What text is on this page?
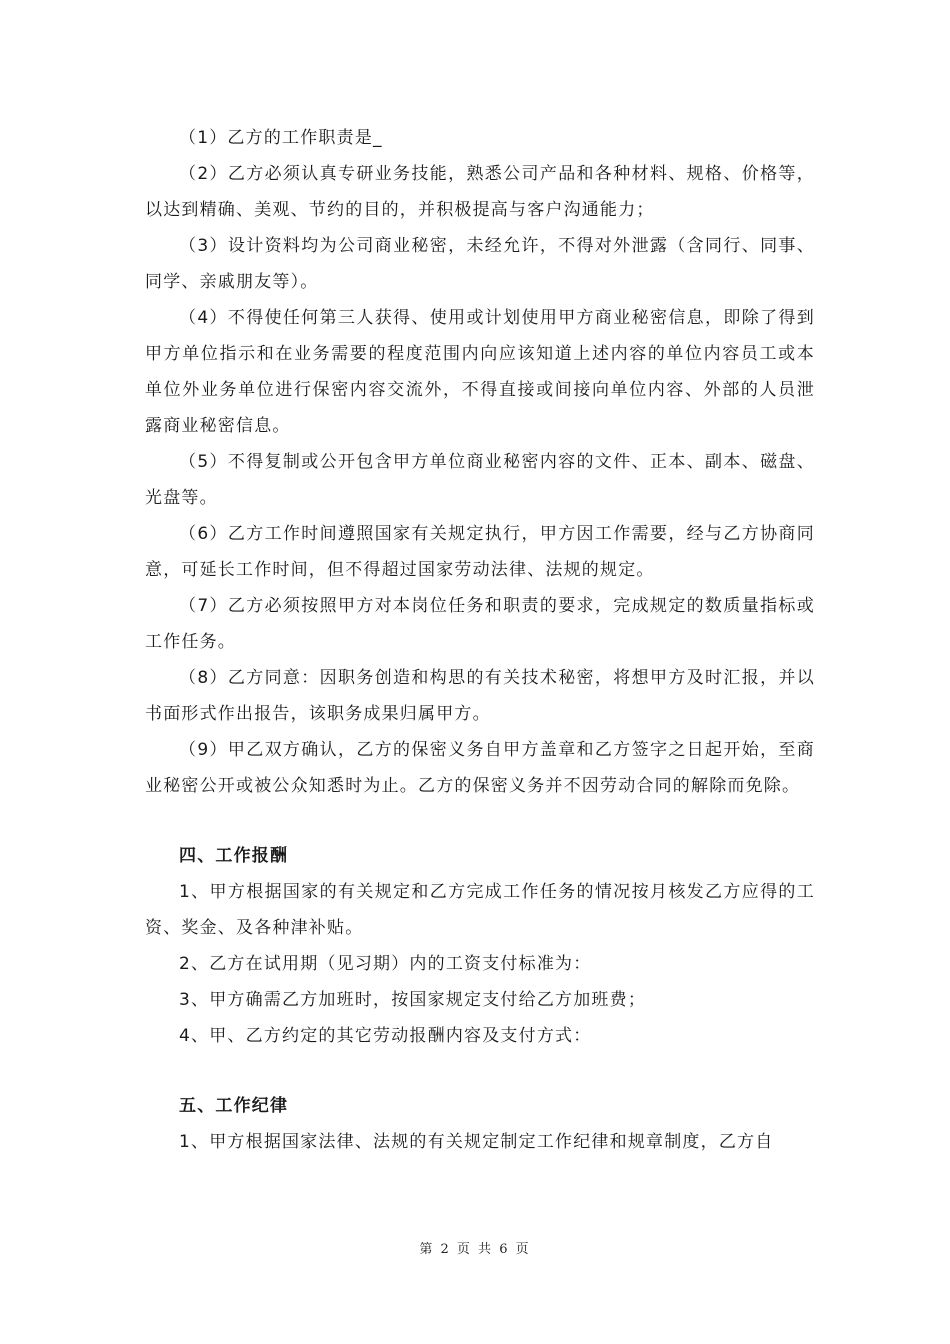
（1）乙方的工作职责是_

（2）乙方必须认真专研业务技能，熟悉公司产品和各种材料、规格、价格等，以达到精确、美观、节约的目的，并积极提高与客户沟通能力；

（3）设计资料均为公司商业秘密，未经允许，不得对外泄露（含同行、同事、同学、亲戚朋友等）。

（4）不得使任何第三人获得、使用或计划使用甲方商业秘密信息，即除了得到甲方单位指示和在业务需要的程度范围内向应该知道上述内容的单位内容员工或本单位外业务单位进行保密内容交流外，不得直接或间接向单位内容、外部的人员泄露商业秘密信息。

（5）不得复制或公开包含甲方单位商业秘密内容的文件、正本、副本、磁盘、光盘等。

（6）乙方工作时间遵照国家有关规定执行，甲方因工作需要，经与乙方协商同意，可延长工作时间，但不得超过国家劳动法律、法规的规定。

（7）乙方必须按照甲方对本岗位任务和职责的要求，完成规定的数质量指标或工作任务。

（8）乙方同意：因职务创造和构思的有关技术秘密，将想甲方及时汇报，并以书面形式作出报告，该职务成果归属甲方。

（9）甲乙双方确认，乙方的保密义务自甲方盖章和乙方签字之日起开始，至商业秘密公开或被公众知悉时为止。乙方的保密义务并不因劳动合同的解除而免除。

四、工作报酬

1、甲方根据国家的有关规定和乙方完成工作任务的情况按月核发乙方应得的工资、奖金、及各种津补贴。

2、乙方在试用期（见习期）内的工资支付标准为：

3、甲方确需乙方加班时，按国家规定支付给乙方加班费；

4、甲、乙方约定的其它劳动报酬内容及支付方式：

五、工作纪律

1、甲方根据国家法律、法规的有关规定制定工作纪律和规章制度，乙方自

第 2 页 共 6 页
